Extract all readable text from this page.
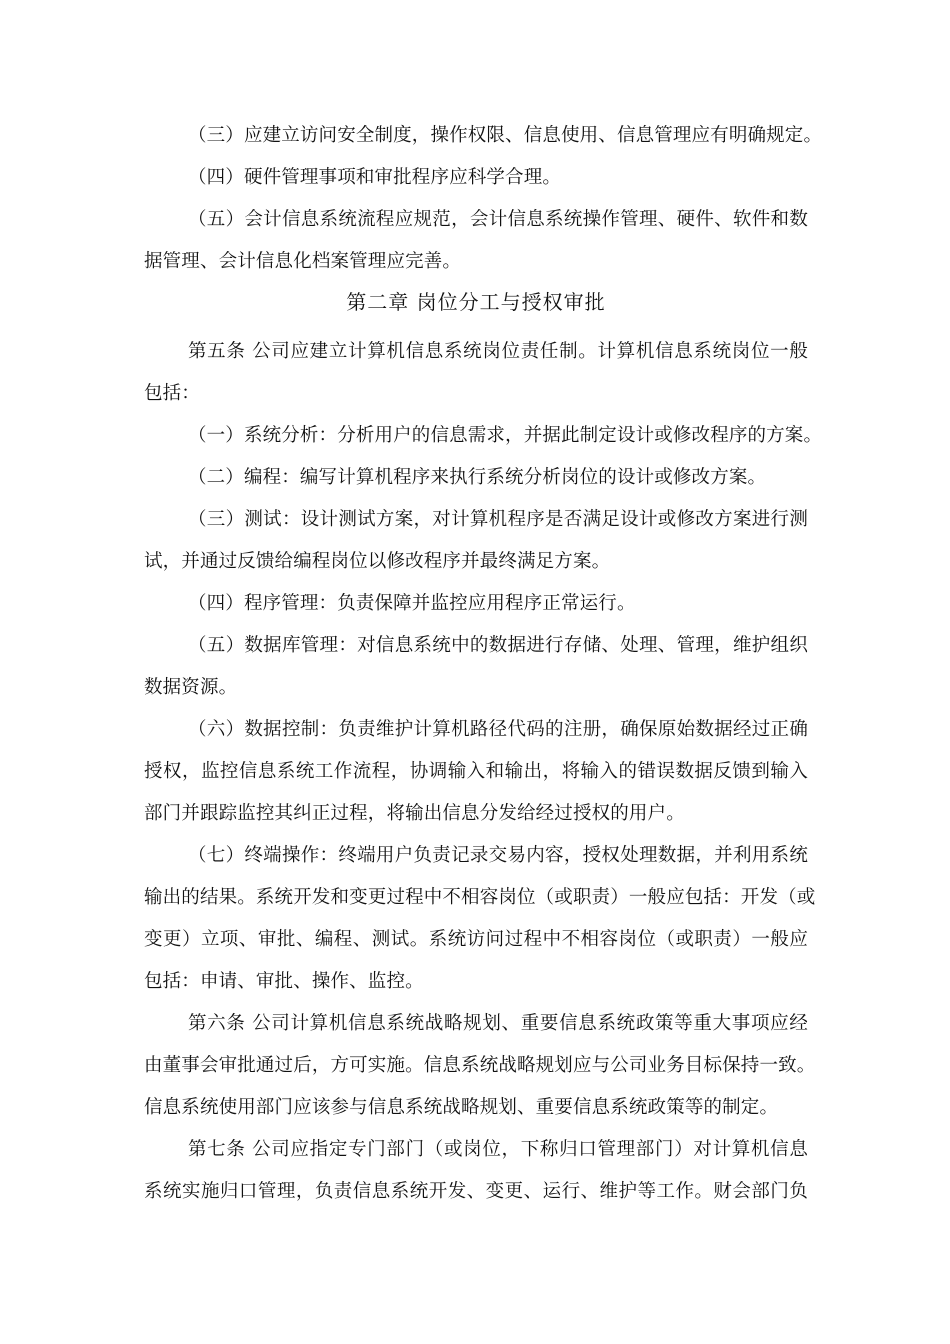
（三）应建立访问安全制度，操作权限、信息使用、信息管理应有明确规定。
（四）硬件管理事项和审批程序应科学合理。
（五）会计信息系统流程应规范，会计信息系统操作管理、硬件、软件和数
据管理、会计信息化档案管理应完善。
第二章 岗位分工与授权审批
第五条 公司应建立计算机信息系统岗位责任制。计算机信息系统岗位一般
包括：
（一）系统分析：分析用户的信息需求，并据此制定设计或修改程序的方案。
（二）编程：编写计算机程序来执行系统分析岗位的设计或修改方案。
（三）测试：设计测试方案，对计算机程序是否满足设计或修改方案进行测
试，并通过反馈给编程岗位以修改程序并最终满足方案。
（四）程序管理：负责保障并监控应用程序正常运行。
（五）数据库管理：对信息系统中的数据进行存储、处理、管理，维护组织
数据资源。
（六）数据控制：负责维护计算机路径代码的注册，确保原始数据经过正确
授权，监控信息系统工作流程，协调输入和输出，将输入的错误数据反馈到输入
部门并跟踪监控其纠正过程，将输出信息分发给经过授权的用户。
（七）终端操作：终端用户负责记录交易内容，授权处理数据，并利用系统
输出的结果。系统开发和变更过程中不相容岗位（或职责）一般应包括：开发（或
变更）立项、审批、编程、测试。系统访问过程中不相容岗位（或职责）一般应
包括：申请、审批、操作、监控。
第六条 公司计算机信息系统战略规划、重要信息系统政策等重大事项应经
由董事会审批通过后，方可实施。信息系统战略规划应与公司业务目标保持一致。
信息系统使用部门应该参与信息系统战略规划、重要信息系统政策等的制定。
第七条 公司应指定专门部门（或岗位，下称归口管理部门）对计算机信息
系统实施归口管理，负责信息系统开发、变更、运行、维护等工作。财会部门负
